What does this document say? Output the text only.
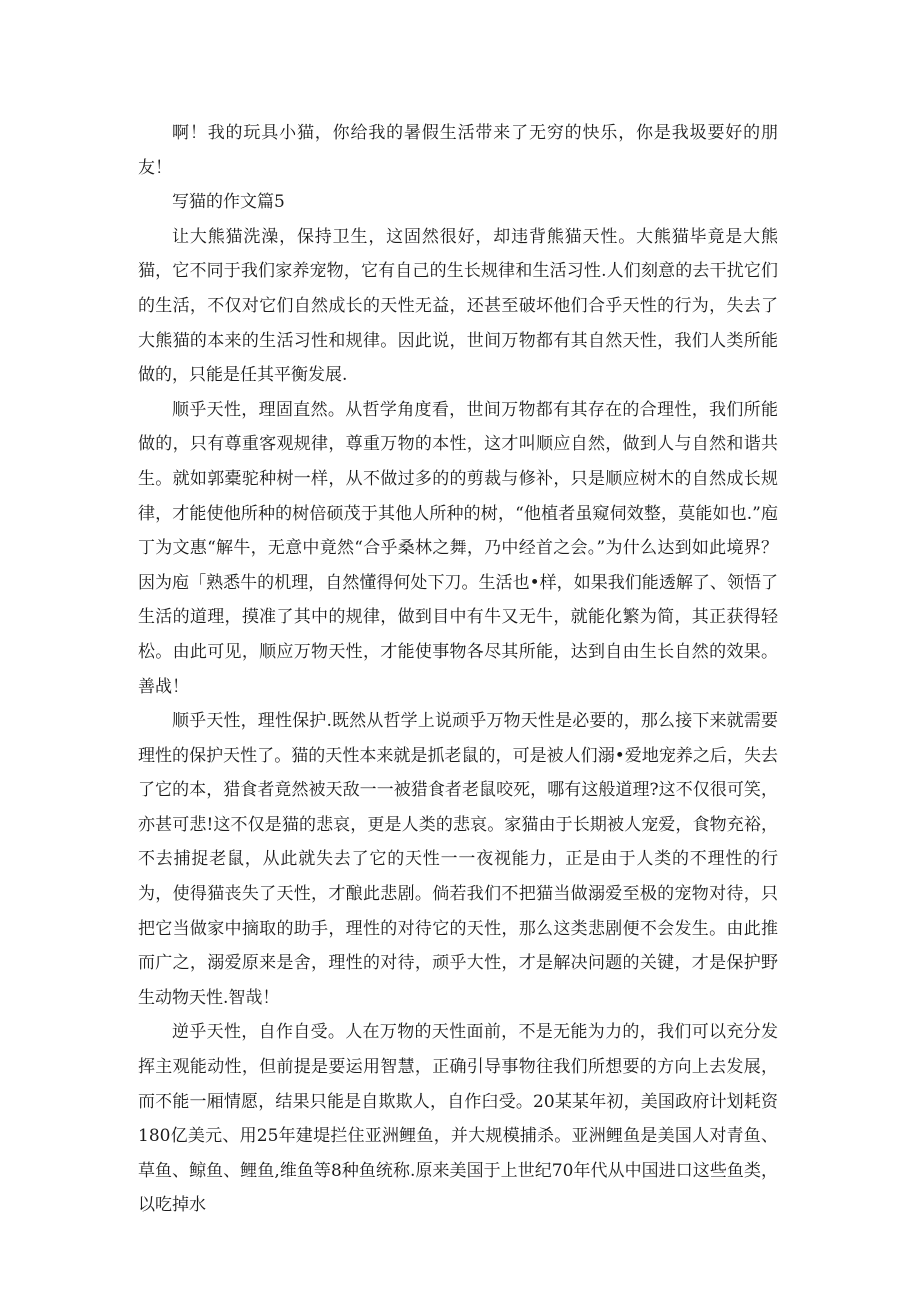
啊！我的玩具小猫，你给我的暑假生活带来了无穷的快乐，你是我圾要好的朋友！

写猫的作文篇5

让大熊猫洗澡，保持卫生，这固然很好，却违背熊猫天性。大熊猫毕竟是大熊猫，它不同于我们家养宠物，它有自己的生长规律和生活习性.人们刻意的去干扰它们的生活，不仅对它们自然成长的天性无益，还甚至破坏他们合乎天性的行为，失去了大熊猫的本来的生活习性和规律。因此说，世间万物都有其自然天性，我们人类所能做的，只能是任其平衡发展.

顺乎天性，理固直然。从哲学角度看，世间万物都有其存在的合理性，我们所能做的，只有尊重客观规律，尊重万物的本性，这才叫顺应自然，做到人与自然和谐共生。就如郭橐驼种树一样，从不做过多的的剪裁与修补，只是顺应树木的自然成长规律，才能使他所种的树倍硕茂于其他人所种的树，“他植者虽窥伺效整，莫能如也.”庖丁为文惠“解牛，无意中竟然“合乎桑林之舞，乃中经首之会。”为什么达到如此境界？因为庖「熟悉牛的机理，自然懂得何处下刀。生活也•样，如果我们能透解了、领悟了生活的道理，摸准了其中的规律，做到目中有牛又无牛，就能化繁为简，其正获得轻松。由此可见，顺应万物天性，才能使事物各尽其所能，达到自由生长自然的效果。善战！

顺乎天性，理性保护.既然从哲学上说顽乎万物天性是必要的，那么接下来就需要理性的保护天性了。猫的天性本来就是抓老鼠的，可是被人们溺•爱地宠养之后，失去了它的本，猎食者竟然被天敌一一被猎食者老鼠咬死，哪有这般道理?这不仅很可笑，亦甚可悲!这不仅是猫的悲哀，更是人类的悲哀。家猫由于长期被人宠爱，食物充裕，不去捕捉老鼠，从此就失去了它的天性一一夜视能力，正是由于人类的不理性的行为，使得猫丧失了天性，才酿此悲剧。倘若我们不把猫当做溺爱至极的宠物对待，只把它当做家中摘取的助手，理性的对待它的天性，那么这类悲剧便不会发生。由此推而广之，溺爱原来是舍，理性的对待，顽乎大性，才是解决问题的关键，才是保护野生动物天性.智哉！

逆乎天性，自作自受。人在万物的天性面前，不是无能为力的，我们可以充分发挥主观能动性，但前提是要运用智慧，正确引导事物往我们所想要的方向上去发展，而不能一厢情愿，结果只能是自欺欺人，自作臼受。20某某年初，美国政府计划耗资180亿美元、用25年建堤拦住亚洲鲤鱼，并大规模捕杀。亚洲鲤鱼是美国人对青鱼、草鱼、鲸鱼、鲤鱼,维鱼等8种鱼统称.原来美国于上世纪70年代从中国进口这些鱼类，以吃掉水
